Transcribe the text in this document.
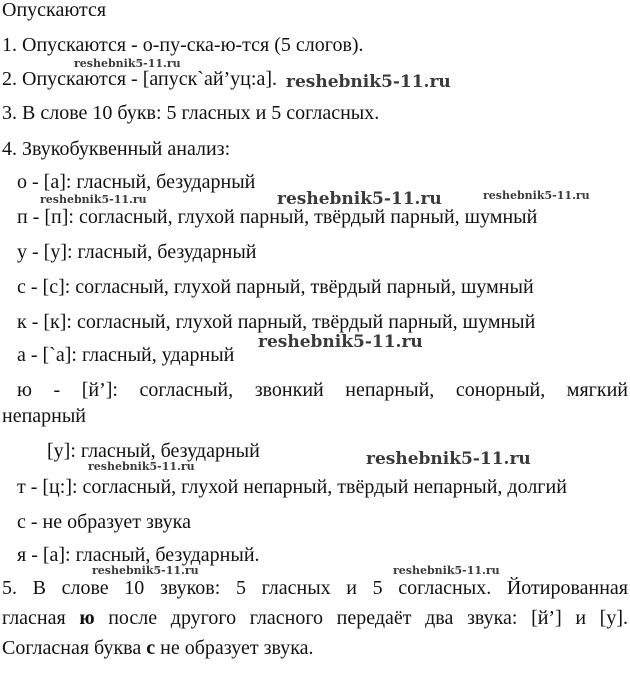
Опускаются
1. Опускаются - о-пу-ска-ю-тся (5 слогов).
2. Опускаются - [апуск`ай’уц:а].
3. В слове 10 букв: 5 гласных и 5 согласных.
4. Звукобуквенный анализ:
о - [а]: гласный, безударный
п - [п]: согласный, глухой парный, твёрдый парный, шумный
у - [у]: гласный, безударный
с - [с]: согласный, глухой парный, твёрдый парный, шумный
к - [к]: согласный, глухой парный, твёрдый парный, шумный
а - [`а]: гласный, ударный
ю - [й’]: согласный, звонкий непарный, сонорный, мягкий
непарный
[у]: гласный, безударный
т - [ц:]: согласный, глухой непарный, твёрдый непарный, долгий
с - не образует звука
я - [а]: гласный, безударный.
5. В слове 10 звуков: 5 гласных и 5 согласных. Йотированная
гласная ю после другого гласного передаёт два звука: [й’] и [у].
Согласная буква с не образует звука.
reshebnik5-11.ru
reshebnik5-11.ru
reshebnik5-11.ru	reshebnik5-11.ru	reshebnik5-11.ru
reshebnik5-11.ru
reshebnik5-11.ru
reshebnik5-11.ru
reshebnik5-11.ru	reshebnik5-11.ru
